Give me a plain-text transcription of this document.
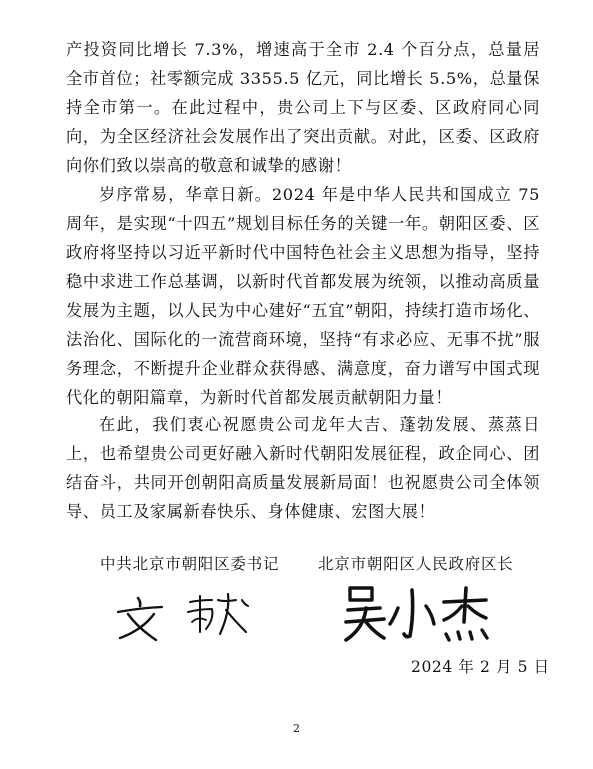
产投资同比增长 7.3%，增速高于全市 2.4 个百分点，总量居全市首位；社零额完成 3355.5 亿元，同比增长 5.5%，总量保持全市第一。在此过程中，贵公司上下与区委、区政府同心同向，为全区经济社会发展作出了突出贡献。对此，区委、区政府向你们致以崇高的敬意和诚挚的感谢！

岁序常易，华章日新。2024 年是中华人民共和国成立 75 周年，是实现“十四五”规划目标任务的关键一年。朝阳区委、区政府将坚持以习近平新时代中国特色社会主义思想为指导，坚持稳中求进工作总基调，以新时代首都发展为统领，以推动高质量发展为主题，以人民为中心建好“五宜”朝阳，持续打造市场化、法治化、国际化的一流营商环境，坚持“有求必应、无事不扰”服务理念，不断提升企业群众获得感、满意度，奋力谱写中国式现代化的朝阳篇章，为新时代首都发展贡献朝阳力量！

在此，我们衷心祝愿贵公司龙年大吉、蓬勃发展、蒸蒸日上，也希望贵公司更好融入新时代朝阳发展征程，政企同心、团结奋斗，共同开创朝阳高质量发展新局面！也祝愿贵公司全体领导、员工及家属新春快乐、身体健康、宏图大展！

中共北京市朝阳区委书记 北京市朝阳区人民政府区长
2024 年 2 月 5 日
2
